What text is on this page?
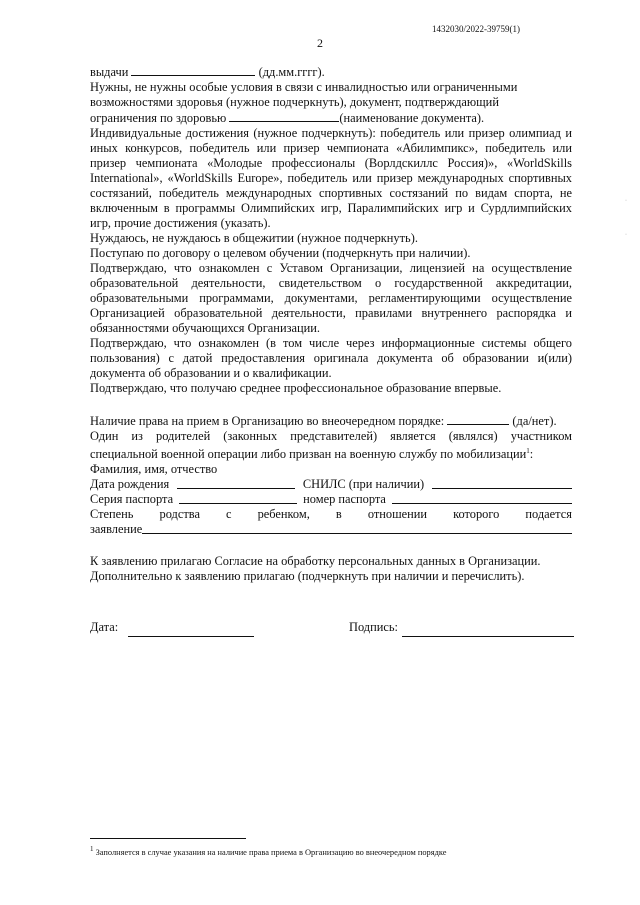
1432030/2022-39759(1)
2

выдачи	(дд.мм.гггг).

Нужны, не нужны особые условия в связи с инвалидностью или ограниченными

возможностями здоровья (нужное подчеркнуть), документ, подтверждающий

ограничения по здоровью	(наименование документа).

Индивидуальные достижения (нужное подчеркнуть): победитель или призер олимпиад и иных конкурсов, победитель или призер чемпионата «Абилимпикс», победитель или призер чемпионата «Молодые профессионалы (Ворлдскиллс Россия)», «WorldSkills International», «WorldSkills Europe», победитель или призер международных спортивных состязаний, победитель международных спортивных состязаний по видам спорта, не включенным в программы Олимпийских игр, Паралимпийских игр и Сурдлимпийских игр, прочие достижения (указать).

Нуждаюсь, не нуждаюсь в общежитии (нужное подчеркнуть).

Поступаю по договору о целевом обучении (подчеркнуть при наличии).

Подтверждаю, что ознакомлен с Уставом Организации, лицензией на осуществление образовательной деятельности, свидетельством о государственной аккредитации, образовательными программами, документами, регламентирующими осуществление Организацией образовательной деятельности, правилами внутреннего распорядка и обязанностями обучающихся Организации.

Подтверждаю, что ознакомлен (в том числе через информационные системы общего пользования) с датой предоставления оригинала документа об образовании и(или) документа об образовании и о квалификации.

Подтверждаю, что получаю среднее профессиональное образование впервые.

Наличие права на прием в Организацию во внеочередном порядке:	(да/нет).

Один из родителей (законных представителей) является (являлся) участником специальной военной операции либо призван на военную службу по мобилизации$^1$:

Фамилия, имя, отчество

Дата рождения	СНИЛС (при наличии)
Серия паспорта	номер паспорта
Степень родства с ребенком, в отношении которого подается
заявление

К заявлению прилагаю Согласие на обработку персональных данных в Организации.

Дополнительно к заявлению прилагаю (подчеркнуть при наличии и перечислить).

Дата:	Подпись:
$^1$ Заполняется в случае указания на наличие права приема в Организацию во внеочередном порядке
·
·
